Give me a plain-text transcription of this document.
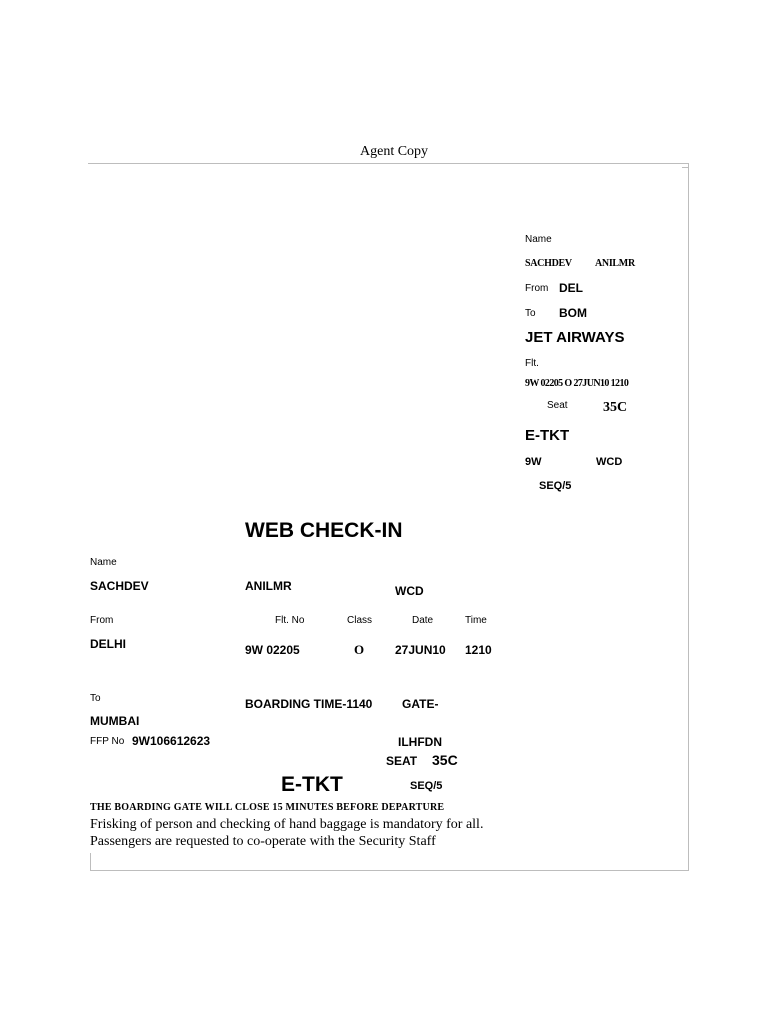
Agent Copy
Name
SACHDEV ANILMR
From DEL
To BOM
JET AIRWAYS
Flt.
9W 02205 O 27JUN10 1210
Seat	35C
E-TKT
9W	WCD
SEQ/5
WEB CHECK-IN
Name
SACHDEV	ANILMR	WCD
From	Flt. No	Class	Date	Time
DELHI	9W 02205	O	27JUN10 1210
To	BOARDING TIME-1140 GATE-
MUMBAI
FFP No 9W106612623	ILHFDN
SEAT 35C
E-TKT	SEQ/5
THE BOARDING GATE WILL CLOSE 15 MINUTES BEFORE DEPARTURE
Frisking of person and checking of hand baggage is mandatory for all.
Passengers are requested to co-operate with the Security Staff
